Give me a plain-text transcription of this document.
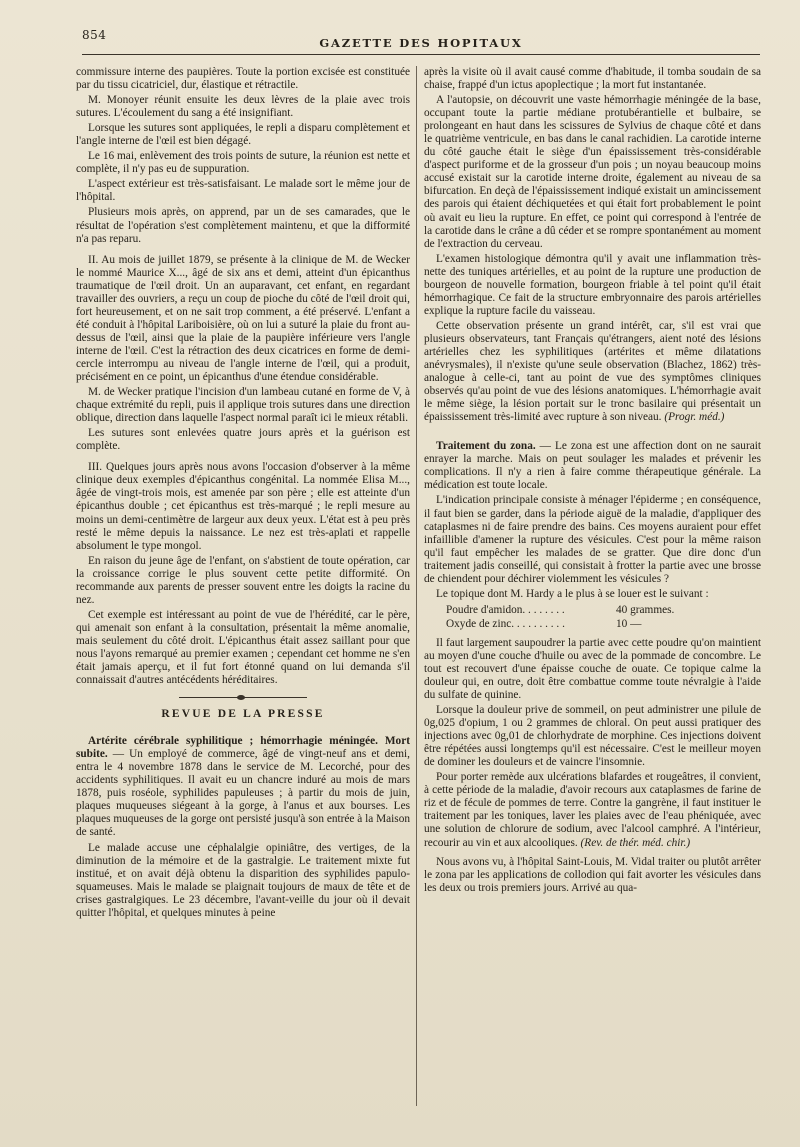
854
GAZETTE DES HOPITAUX

commissure interne des paupières. Toute la portion excisée est constituée par du tissu cicatriciel, dur, élastique et rétractile.

M. Monoyer réunit ensuite les deux lèvres de la plaie avec trois sutures. L'écoulement du sang a été insignifiant.

Lorsque les sutures sont appliquées, le repli a disparu complètement et l'angle interne de l'œil est bien dégagé.

Le 16 mai, enlèvement des trois points de suture, la réunion est nette et complète, il n'y pas eu de suppuration.

L'aspect extérieur est très-satisfaisant. Le malade sort le même jour de l'hôpital.

Plusieurs mois après, on apprend, par un de ses camarades, que le résultat de l'opération s'est complètement maintenu, et que la difformité n'a pas reparu.

II. Au mois de juillet 1879, se présente à la clinique de M. de Wecker le nommé Maurice X..., âgé de six ans et demi, atteint d'un épicanthus traumatique de l'œil droit. Un an auparavant, cet enfant, en regardant travailler des ouvriers, a reçu un coup de pioche du côté de l'œil droit qui, fort heureusement, et on ne sait trop comment, a été préservé. L'enfant a été conduit à l'hôpital Lariboisière, où on lui a suturé la plaie du front au-dessus de l'œil, ainsi que la plaie de la paupière inférieure vers l'angle interne de l'œil. C'est la rétraction des deux cicatrices en forme de demi-cercle interrompu au niveau de l'angle interne de l'œil, qui a produit, précisément en ce point, un épicanthus d'une étendue considérable.

M. de Wecker pratique l'incision d'un lambeau cutané en forme de V, à chaque extrémité du repli, puis il applique trois sutures dans une direction oblique, direction dans laquelle l'aspect normal paraît ici le mieux rétabli.

Les sutures sont enlevées quatre jours après et la guérison est complète.

III. Quelques jours après nous avons l'occasion d'observer à la même clinique deux exemples d'épicanthus congénital. La nommée Elisa M..., âgée de vingt-trois mois, est amenée par son père ; elle est atteinte d'un épicanthus double ; cet épicanthus est très-marqué ; le repli mesure au moins un demi-centimètre de largeur aux deux yeux. L'état est à peu près resté le même depuis la naissance. Le nez est très-aplati et rappelle absolument le type mongol.

En raison du jeune âge de l'enfant, on s'abstient de toute opération, car la croissance corrige le plus souvent cette petite difformité. On recommande aux parents de presser souvent entre les doigts la racine du nez.

Cet exemple est intéressant au point de vue de l'hérédité, car le père, qui amenait son enfant à la consultation, présentait la même anomalie, mais seulement du côté droit. L'épicanthus était assez saillant pour que nous l'ayons remarqué au premier examen ; cependant cet homme ne s'en était jamais aperçu, et il fut fort étonné quand on lui demanda s'il connaissait d'autres antécédents héréditaires.

REVUE DE LA PRESSE

Artérite cérébrale syphilitique ; hémorrhagie méningée. Mort subite. — Un employé de commerce, âgé de vingt-neuf ans et demi, entra le 4 novembre 1878 dans le service de M. Lecorché, pour des accidents syphilitiques. Il avait eu un chancre induré au mois de mars 1878, puis roséole, syphilides papuleuses ; à partir du mois de juin, plaques muqueuses siégeant à la gorge, à l'anus et aux bourses. Les plaques muqueuses de la gorge ont persisté jusqu'à son entrée à la Maison de santé.

Le malade accuse une céphalalgie opiniâtre, des vertiges, de la diminution de la mémoire et de la gastralgie. Le traitement mixte fut institué, et on avait déjà obtenu la disparition des syphilides papulo-squameuses. Mais le malade se plaignait toujours de maux de tête et de crises gastralgiques. Le 23 décembre, l'avant-veille du jour où il devait quitter l'hôpital, et quelques minutes à peine

après la visite où il avait causé comme d'habitude, il tomba soudain de sa chaise, frappé d'un ictus apoplectique ; la mort fut instantanée.

A l'autopsie, on découvrit une vaste hémorrhagie méningée de la base, occupant toute la partie médiane protubérantielle et bulbaire, se prolongeant en haut dans les scissures de Sylvius de chaque côté et dans le quatrième ventricule, en bas dans le canal rachidien. La carotide interne du côté gauche était le siège d'un épaississement très-considérable d'aspect puriforme et de la grosseur d'un pois ; un noyau beaucoup moins accusé existait sur la carotide interne droite, également au niveau de sa bifurcation. En deçà de l'épaississement indiqué existait un amincissement des parois qui étaient déchiquetées et qui était fort probablement le point où avait eu lieu la rupture. En effet, ce point qui correspond à l'entrée de la carotide dans le crâne a dû céder et se rompre spontanément au moment de l'extraction du cerveau.

L'examen histologique démontra qu'il y avait une inflammation très-nette des tuniques artérielles, et au point de la rupture une production de bourgeon de nouvelle formation, bourgeon friable à tel point qu'il était hémorrhagique. Ce fait de la structure embryonnaire des parois artérielles explique la rupture facile du vaisseau.

Cette observation présente un grand intérêt, car, s'il est vrai que plusieurs observateurs, tant Français qu'étrangers, aient noté des lésions artérielles chez les syphilitiques (artérites et même dilatations anévrysmales), il n'existe qu'une seule observation (Blachez, 1862) très-analogue à celle-ci, tant au point de vue des symptômes cliniques observés qu'au point de vue des lésions anatomiques. L'hémorrhagie avait le même siège, la lésion portait sur le tronc basilaire qui présentait un épaississement très-limité avec rupture à son niveau. (Progr. méd.)

Traitement du zona. — Le zona est une affection dont on ne saurait enrayer la marche. Mais on peut soulager les malades et prévenir les complications. Il n'y a rien à faire comme thérapeutique générale. La médication est toute locale.

L'indication principale consiste à ménager l'épiderme ; en conséquence, il faut bien se garder, dans la période aiguë de la maladie, d'appliquer des cataplasmes ni de faire prendre des bains. Ces moyens auraient pour effet infaillible d'amener la rupture des vésicules. C'est pour la même raison qu'il faut empêcher les malades de se gratter. Que dire donc d'un traitement jadis conseillé, qui consistait à frotter la partie avec une brosse de chiendent pour déchirer violemment les vésicules ?

Le topique dont M. Hardy a le plus à se louer est le suivant :

Poudre d'amidon. . . . . . . .	40 grammes.
Oxyde de zinc. . . . . . . . . .	10 —

Il faut largement saupoudrer la partie avec cette poudre qu'on maintient au moyen d'une couche d'huile ou avec de la pommade de concombre. Le tout est recouvert d'une épaisse couche de ouate. Ce topique calme la douleur qui, en outre, doit être combattue comme toute névralgie à l'aide du sulfate de quinine.

Lorsque la douleur prive de sommeil, on peut administrer une pilule de 0g,025 d'opium, 1 ou 2 grammes de chloral. On peut aussi pratiquer des injections avec 0g,01 de chlorhydrate de morphine. Ces injections doivent être répétées aussi longtemps qu'il est nécessaire. C'est le meilleur moyen de dominer les douleurs et de vaincre l'insomnie.

Pour porter remède aux ulcérations blafardes et rougeâtres, il convient, à cette période de la maladie, d'avoir recours aux cataplasmes de farine de riz et de fécule de pommes de terre. Contre la gangrène, il faut instituer le traitement par les toniques, laver les plaies avec de l'eau phéniquée, avec une solution de chlorure de sodium, avec l'alcool camphré. A l'intérieur, recourir au vin et aux alcooliques. (Rev. de thér. méd. chir.)

Nous avons vu, à l'hôpital Saint-Louis, M. Vidal traiter ou plutôt arrêter le zona par les applications de collodion qui fait avorter les vésicules dans les deux ou trois premiers jours. Arrivé au qua-
